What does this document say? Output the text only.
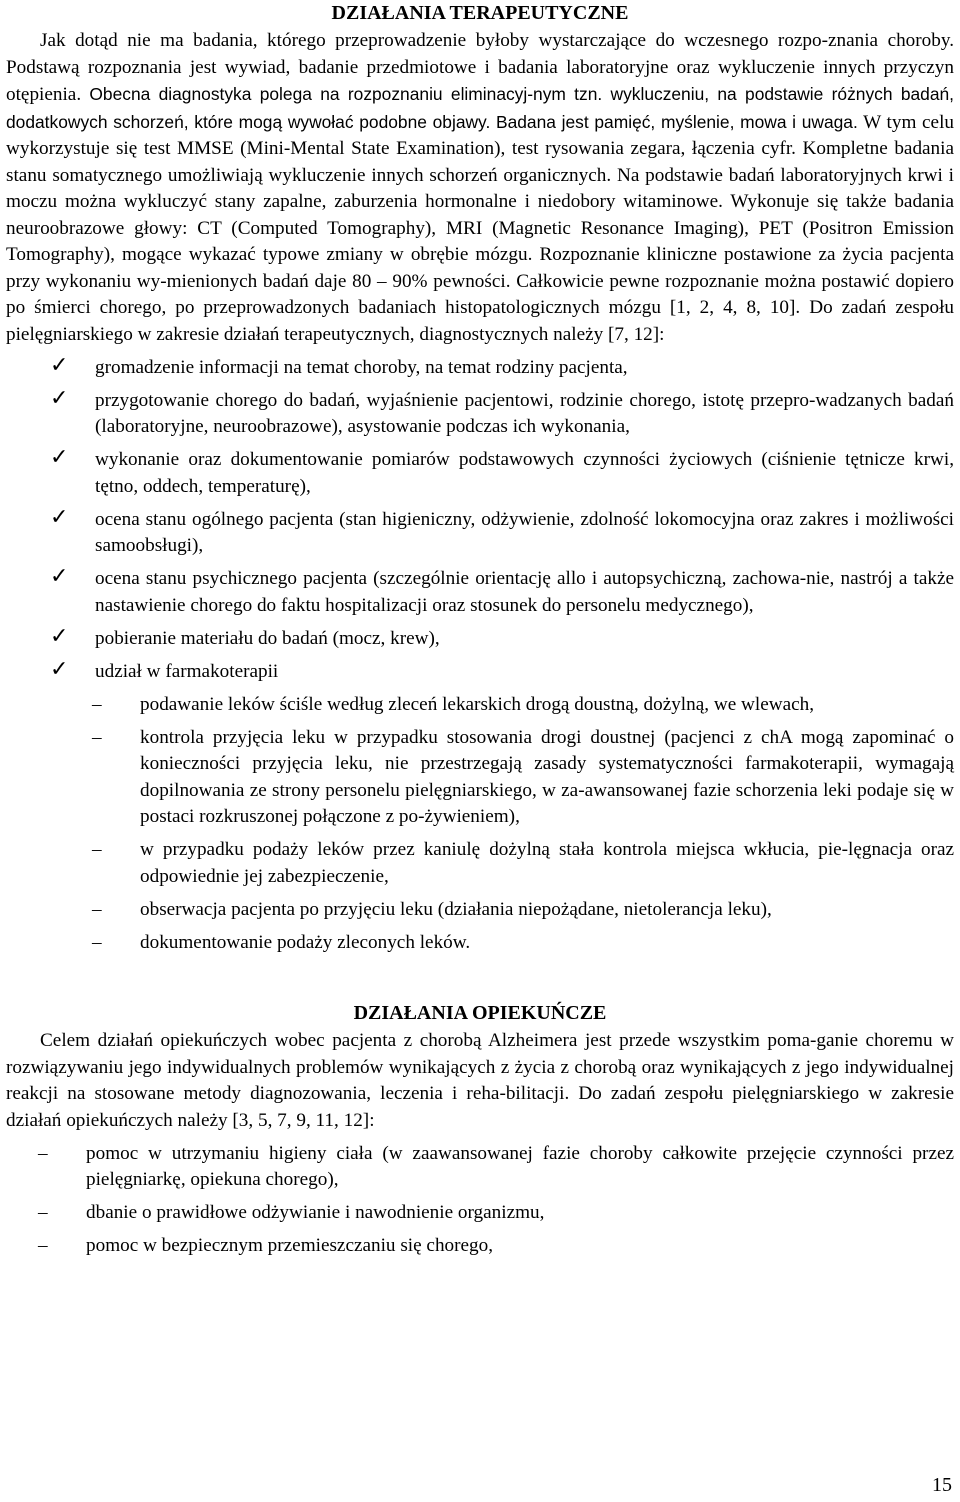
DZIAŁANIA TERAPEUTYCZNE

Jak dotąd nie ma badania, którego przeprowadzenie byłoby wystarczające do wczesnego rozpo-znania choroby. Podstawą rozpoznania jest wywiad, badanie przedmiotowe i badania laboratoryjne oraz wykluczenie innych przyczyn otępienia. Obecna diagnostyka polega na rozpoznaniu eliminacyj-nym tzn. wykluczeniu, na podstawie różnych badań, dodatkowych schorzeń, które mogą wywołać podobne objawy. Badana jest pamięć, myślenie, mowa i uwaga. W tym celu wykorzystuje się test MMSE (Mini-Mental State Examination), test rysowania zegara, łączenia cyfr. Kompletne badania stanu somatycznego umożliwiają wykluczenie innych schorzeń organicznych. Na podstawie badań laboratoryjnych krwi i moczu można wykluczyć stany zapalne, zaburzenia hormonalne i niedobory witaminowe. Wykonuje się także badania neuroobrazowe głowy: CT (Computed Tomography), MRI (Magnetic Resonance Imaging), PET (Positron Emission Tomography), mogące wykazać typowe zmiany w obrębie mózgu. Rozpoznanie kliniczne postawione za życia pacjenta przy wykonaniu wy-mienionych badań daje 80 – 90% pewności. Całkowicie pewne rozpoznanie można postawić dopiero po śmierci chorego, po przeprowadzonych badaniach histopatologicznych mózgu [1, 2, 4, 8, 10]. Do zadań zespołu pielęgniarskiego w zakresie działań terapeutycznych, diagnostycznych należy [7, 12]:

✓ gromadzenie informacji na temat choroby, na temat rodziny pacjenta,
✓ przygotowanie chorego do badań, wyjaśnienie pacjentowi, rodzinie chorego, istotę przepro-wadzanych badań (laboratoryjne, neuroobrazowe), asystowanie podczas ich wykonania,
✓ wykonanie oraz dokumentowanie pomiarów podstawowych czynności życiowych (ciśnienie tętnicze krwi, tętno, oddech, temperaturę),
✓ ocena stanu ogólnego pacjenta (stan higieniczny, odżywienie, zdolność lokomocyjna oraz zakres i możliwości samoobsługi),
✓ ocena stanu psychicznego pacjenta (szczególnie orientację allo i autopsychiczną, zachowa-nie, nastrój a także nastawienie chorego do faktu hospitalizacji oraz stosunek do personelu medycznego),
✓ pobieranie materiału do badań (mocz, krew),
✓ udział w farmakoterapii
– podawanie leków ściśle według zleceń lekarskich drogą doustną, dożylną, we wlewach,
– kontrola przyjęcia leku w przypadku stosowania drogi doustnej (pacjenci z chA mogą zapominać o konieczności przyjęcia leku, nie przestrzegają zasady systematyczności farmakoterapii, wymagają dopilnowania ze strony personelu pielęgniarskiego, w za-awansowanej fazie schorzenia leki podaje się w postaci rozkruszonej połączone z po-żywieniem),
– w przypadku podaży leków przez kaniulę dożylną stała kontrola miejsca wkłucia, pie-lęgnacja oraz odpowiednie jej zabezpieczenie,
– obserwacja pacjenta po przyjęciu leku (działania niepożądane, nietolerancja leku),
– dokumentowanie podaży zleconych leków.
DZIAŁANIA OPIEKUŃCZE

Celem działań opiekuńczych wobec pacjenta z chorobą Alzheimera jest przede wszystkim poma-ganie choremu w rozwiązywaniu jego indywidualnych problemów wynikających z życia z chorobą oraz wynikających z jego indywidualnej reakcji na stosowane metody diagnozowania, leczenia i reha-bilitacji. Do zadań zespołu pielęgniarskiego w zakresie działań opiekuńczych należy [3, 5, 7, 9, 11, 12]:

– pomoc w utrzymaniu higieny ciała (w zaawansowanej fazie choroby całkowite przejęcie czynności przez pielęgniarkę, opiekuna chorego),
– dbanie o prawidłowe odżywianie i nawodnienie organizmu,
– pomoc w bezpiecznym przemieszczaniu się chorego,
15
